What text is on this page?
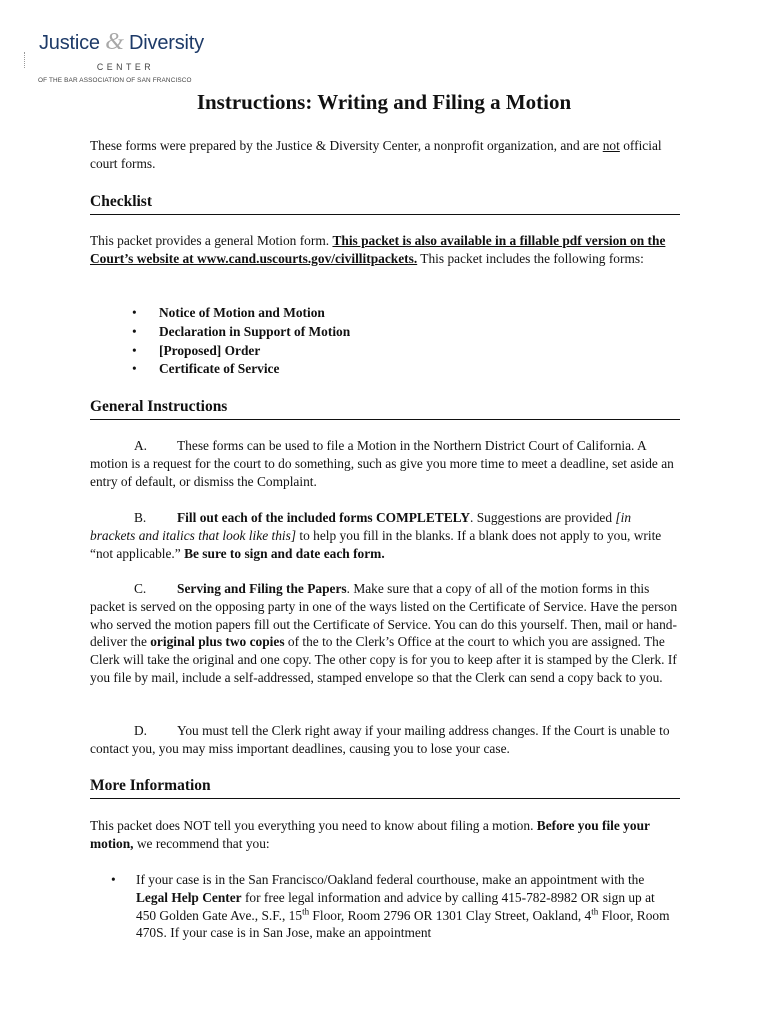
Justice & Diversity
CENTER
OF THE BAR ASSOCIATION OF SAN FRANCISCO
Instructions: Writing and Filing a Motion
These forms were prepared by the Justice & Diversity Center, a nonprofit organization, and are not official court forms.
Checklist
This packet provides a general Motion form. This packet is also available in a fillable pdf version on the Court’s website at www.cand.uscourts.gov/civillitpackets. This packet includes the following forms:
• Notice of Motion and Motion
• Declaration in Support of Motion
• [Proposed] Order
• Certificate of Service
General Instructions
A. These forms can be used to file a Motion in the Northern District Court of California. A motion is a request for the court to do something, such as give you more time to meet a deadline, set aside an entry of default, or dismiss the Complaint.
B. Fill out each of the included forms COMPLETELY. Suggestions are provided [in brackets and italics that look like this] to help you fill in the blanks. If a blank does not apply to you, write “not applicable.” Be sure to sign and date each form.
C. Serving and Filing the Papers. Make sure that a copy of all of the motion forms in this packet is served on the opposing party in one of the ways listed on the Certificate of Service. Have the person who served the motion papers fill out the Certificate of Service. You can do this yourself. Then, mail or hand-deliver the original plus two copies of the to the Clerk’s Office at the court to which you are assigned. The Clerk will take the original and one copy. The other copy is for you to keep after it is stamped by the Clerk. If you file by mail, include a self-addressed, stamped envelope so that the Clerk can send a copy back to you.
D. You must tell the Clerk right away if your mailing address changes. If the Court is unable to contact you, you may miss important deadlines, causing you to lose your case.
More Information
This packet does NOT tell you everything you need to know about filing a motion. Before you file your motion, we recommend that you:
• If your case is in the San Francisco/Oakland federal courthouse, make an appointment with the Legal Help Center for free legal information and advice by calling 415-782-8982 OR sign up at 450 Golden Gate Ave., S.F., 15th Floor, Room 2796 OR 1301 Clay Street, Oakland, 4th Floor, Room 470S. If your case is in San Jose, make an appointment
